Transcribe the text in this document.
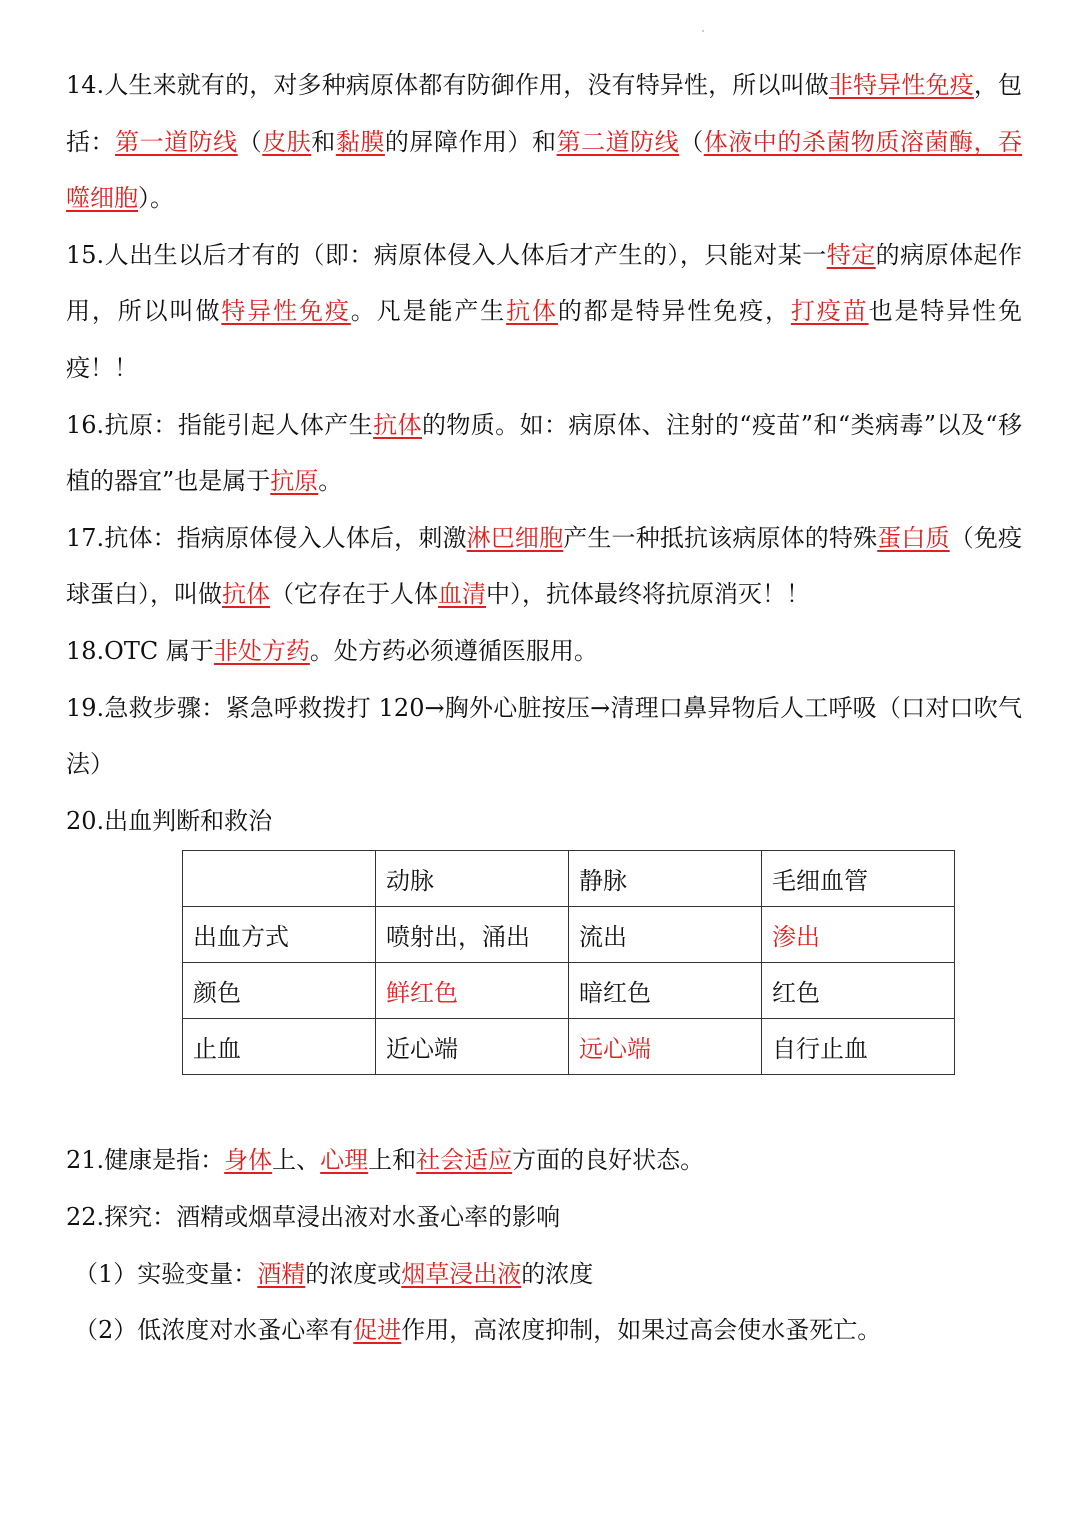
14.人生来就有的，对多种病原体都有防御作用，没有特异性，所以叫做非特异性免疫，包括：第一道防线（皮肤和黏膜的屏障作用）和第二道防线（体液中的杀菌物质溶菌酶，吞噬细胞）。

15.人出生以后才有的（即：病原体侵入人体后才产生的），只能对某一特定的病原体起作用，所以叫做特异性免疫。凡是能产生抗体的都是特异性免疫，打疫苗也是特异性免疫！！

16.抗原：指能引起人体产生抗体的物质。如：病原体、注射的“疫苗”和“类病毒”以及“移植的器宜”也是属于抗原。

17.抗体：指病原体侵入人体后，刺激淋巴细胞产生一种抵抗该病原体的特殊蛋白质（免疫球蛋白），叫做抗体（它存在于人体血清中），抗体最终将抗原消灭！！

18.OTC 属于非处方药。处方药必须遵循医服用。

19.急救步骤：紧急呼救拨打 120→胸外心脏按压→清理口鼻异物后人工呼吸（口对口吹气法）

20.出血判断和救治

	动脉	静脉	毛细血管
出血方式	喷射出，涌出	流出	渗出
颜色	鲜红色	暗红色	红色
止血	近心端	远心端	自行止血

21.健康是指：身体上、心理上和社会适应方面的良好状态。

22.探究：酒精或烟草浸出液对水蚤心率的影响

（1）实验变量：酒精的浓度或烟草浸出液的浓度

（2）低浓度对水蚤心率有促进作用，高浓度抑制，如果过高会使水蚤死亡。
